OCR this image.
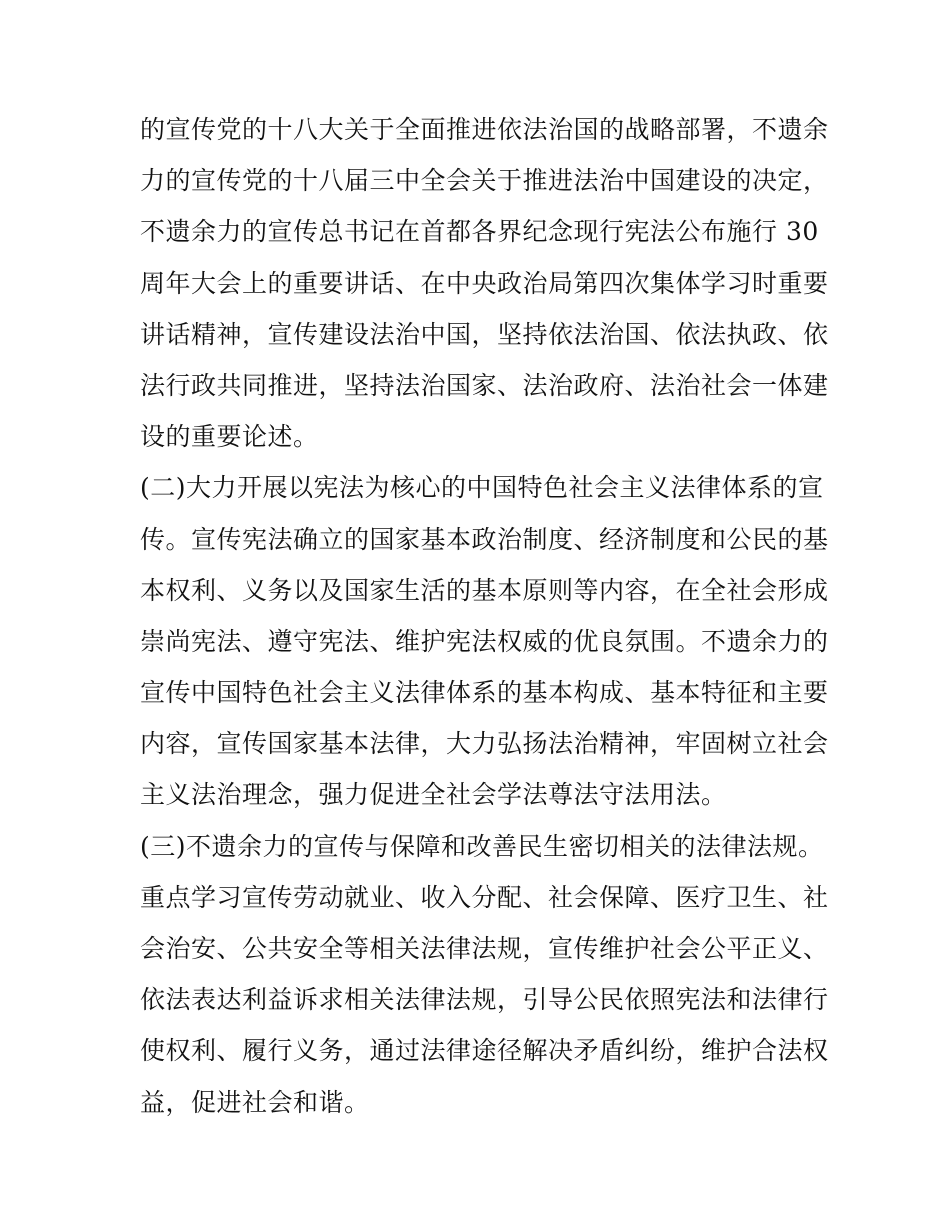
的宣传党的十八大关于全面推进依法治国的战略部署，不遗余
力的宣传党的十八届三中全会关于推进法治中国建设的决定，
不遗余力的宣传总书记在首都各界纪念现行宪法公布施行 30
周年大会上的重要讲话、在中央政治局第四次集体学习时重要
讲话精神，宣传建设法治中国，坚持依法治国、依法执政、依
法行政共同推进，坚持法治国家、法治政府、法治社会一体建
设的重要论述。
(二)大力开展以宪法为核心的中国特色社会主义法律体系的宣
传。宣传宪法确立的国家基本政治制度、经济制度和公民的基
本权利、义务以及国家生活的基本原则等内容，在全社会形成
崇尚宪法、遵守宪法、维护宪法权威的优良氛围。不遗余力的
宣传中国特色社会主义法律体系的基本构成、基本特征和主要
内容，宣传国家基本法律，大力弘扬法治精神，牢固树立社会
主义法治理念，强力促进全社会学法尊法守法用法。
(三)不遗余力的宣传与保障和改善民生密切相关的法律法规。
重点学习宣传劳动就业、收入分配、社会保障、医疗卫生、社
会治安、公共安全等相关法律法规，宣传维护社会公平正义、
依法表达利益诉求相关法律法规，引导公民依照宪法和法律行
使权利、履行义务，通过法律途径解决矛盾纠纷，维护合法权
益，促进社会和谐。
